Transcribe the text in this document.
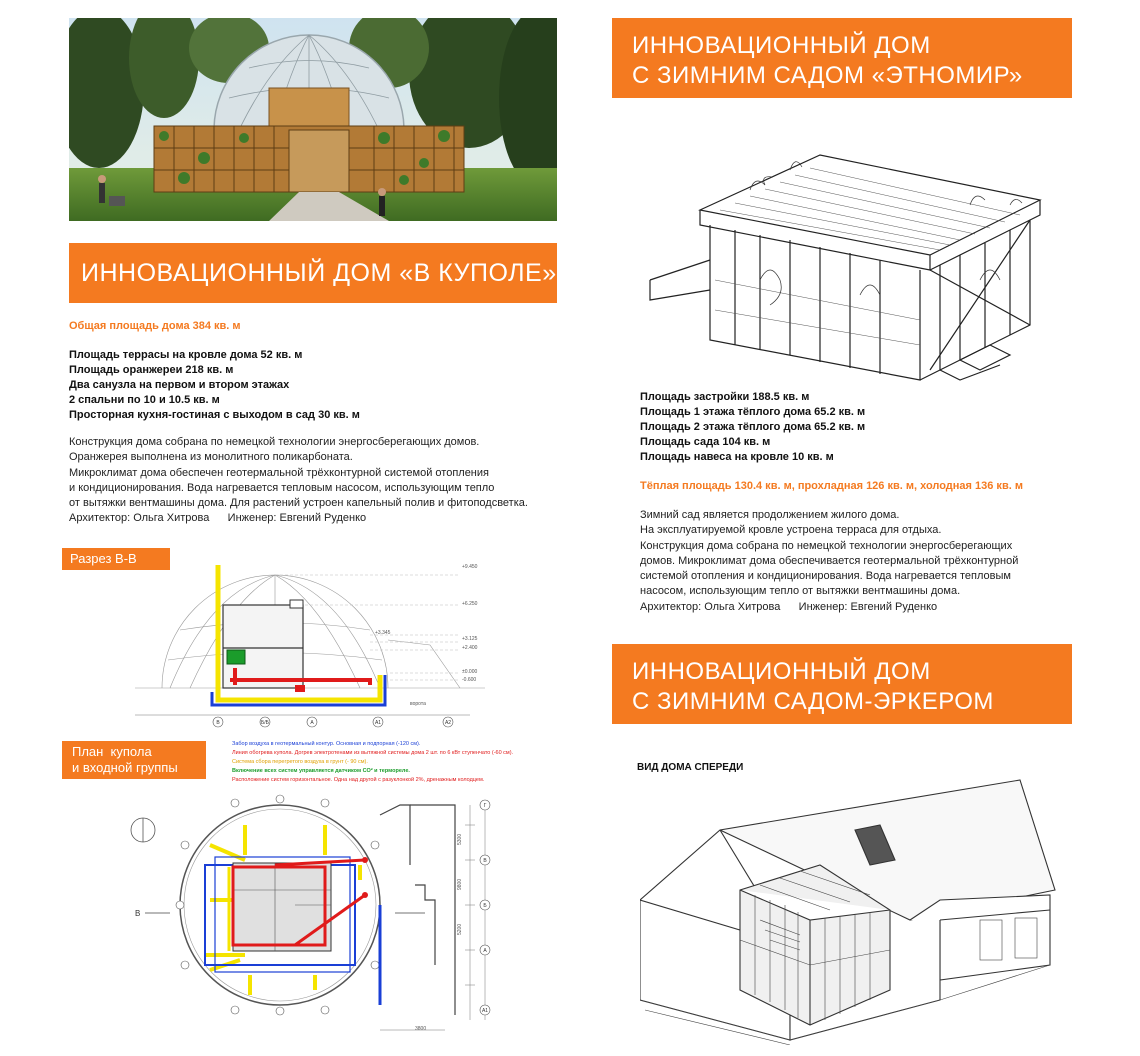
ИННОВАЦИОННЫЙ ДОМ «В КУПОЛЕ»
Общая площадь дома 384 кв. м
Площадь террасы на кровле дома 52 кв. м
Площадь оранжереи 218 кв. м
Два санузла на первом и втором этажах
2 спальни по 10 и 10.5 кв. м
Просторная кухня-гостиная с выходом в сад 30 кв. м
Конструкция дома собрана по немецкой технологии энергосберегающих домов.
Оранжерея выполнена из монолитного поликарбоната.
Микроклимат дома обеспечен геотермальной трёхконтурной системой отопления
и кондиционирования. Вода нагревается тепловым насосом, использующим тепло
от вытяжки вентмашины дома. Для растений устроен капельный полив и фитоподсветка.
Архитектор: Ольга Хитрова      Инженер: Евгений Руденко
Разрез В-В
В	Б/Б	А	А1	А2
+9.450
+6.250
+3.345
+3.125
+2.400
±0.000
-0.600
ворота
План  купола
и входной группы
Забор воздуха в геотермальный контур. Основная и подпорная (-120 см).
Линия обогрева купола. Догрев электротенами из вытяжной системы дома 2 шт. по 6 кВт ступенчато (-60 см).
Система сбора перегретого воздуха в грунт (- 90 см).
Включение всех систем управляется датчиком CO² и термореле.
Расположение систем горизонтальное. Одна над другой с разуклонкой 2%, дренажным колодцем.
Г
В
Б
А
А1
5300
9800
5200
3800
В
ИННОВАЦИОННЫЙ ДОМ
С ЗИМНИМ САДОМ «ЭТНОМИР»
Площадь застройки 188.5 кв. м
Площадь 1 этажа тёплого дома 65.2 кв. м
Площадь 2 этажа тёплого дома 65.2 кв. м
Площадь сада 104 кв. м
Площадь навеса на кровле 10 кв. м
Тёплая площадь 130.4 кв. м, прохладная 126 кв. м, холодная 136 кв. м
Зимний сад является продолжением жилого дома.
На эксплуатируемой кровле устроена терраса для отдыха.
Конструкция дома собрана по немецкой технологии энергосберегающих
домов. Микроклимат дома обеспечивается геотермальной трёхконтурной
системой отопления и кондиционирования. Вода нагревается тепловым
насосом, использующим тепло от вытяжки вентмашины дома.
Архитектор: Ольга Хитрова      Инженер: Евгений Руденко
ИННОВАЦИОННЫЙ ДОМ
С ЗИМНИМ САДОМ-ЭРКЕРОМ
ВИД ДОМА СПЕРЕДИ
